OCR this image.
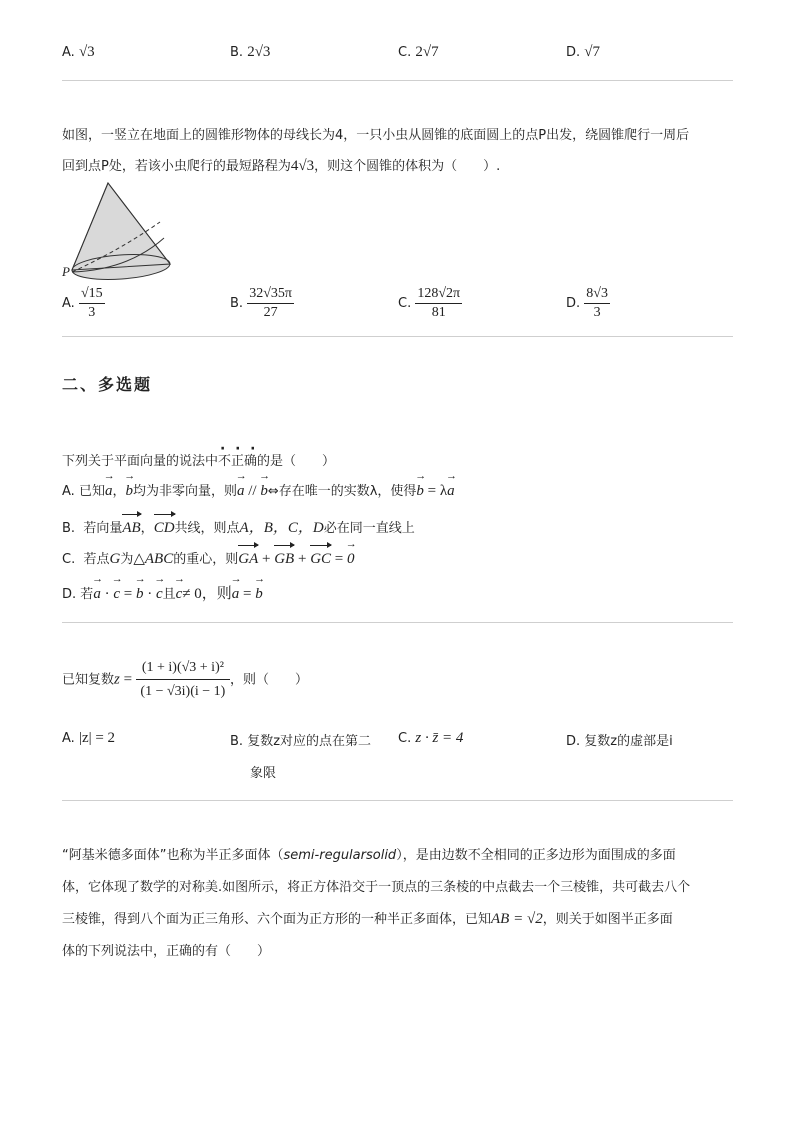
A. √3	B. 2√3	C. 2√7	D. √7
如图，一竖立在地面上的圆锥形物体的母线长为4，一只小虫从圆锥的底面圆上的点P出发，绕圆锥爬行一周后
回到点P处，若该小虫爬行的最短路程为4√3，则这个圆锥的体积为（　　）.
P
A. $\frac{√15}{3}$	B. $\frac{32√35\pi}{27}$	C. $\frac{128√2\pi}{81}$	D. $\frac{8√3}{3}$
二、多选题
下列关于平面向量的说法中不正确 ·  ·  ·的是（　　）
A. 已知→ a，→ b均为非零向量，则→ a // → b⇔存在唯一的实数λ，使得→ b = λ→ a
B. 若向量AB
，CD
共线，则点A，B，C，D必在同一直线上
C. 若点G为△ABC的重心，则GA
+ GB
+ GC
= → 0
D. 若→ a · → c = → b · → c且→ c≠ 0，则→ a = → b
已知复数$z = \frac{\text{(1 + i)(√3 + i)²}}{(1 - √3i)(i - 1)}$ ，则（　　）
A. |z| = 2	B. 复数z对应的点在第二
象限
C. z · z̄ = 4	D. 复数z的虚部是i
“阿基米德多面体”也称为半正多面体（semi-regularsolid），是由边数不全相同的正多边形为面围成的多面
体，它体现了数学的对称美.如图所示，将正方体沿交于一顶点的三条棱的中点截去一个三棱锥，共可截去八个
三棱锥，得到八个面为正三角形、六个面为正方形的一种半正多面体，已知AB = √2，则关于如图半正多面
体的下列说法中，正确的有（　　）
